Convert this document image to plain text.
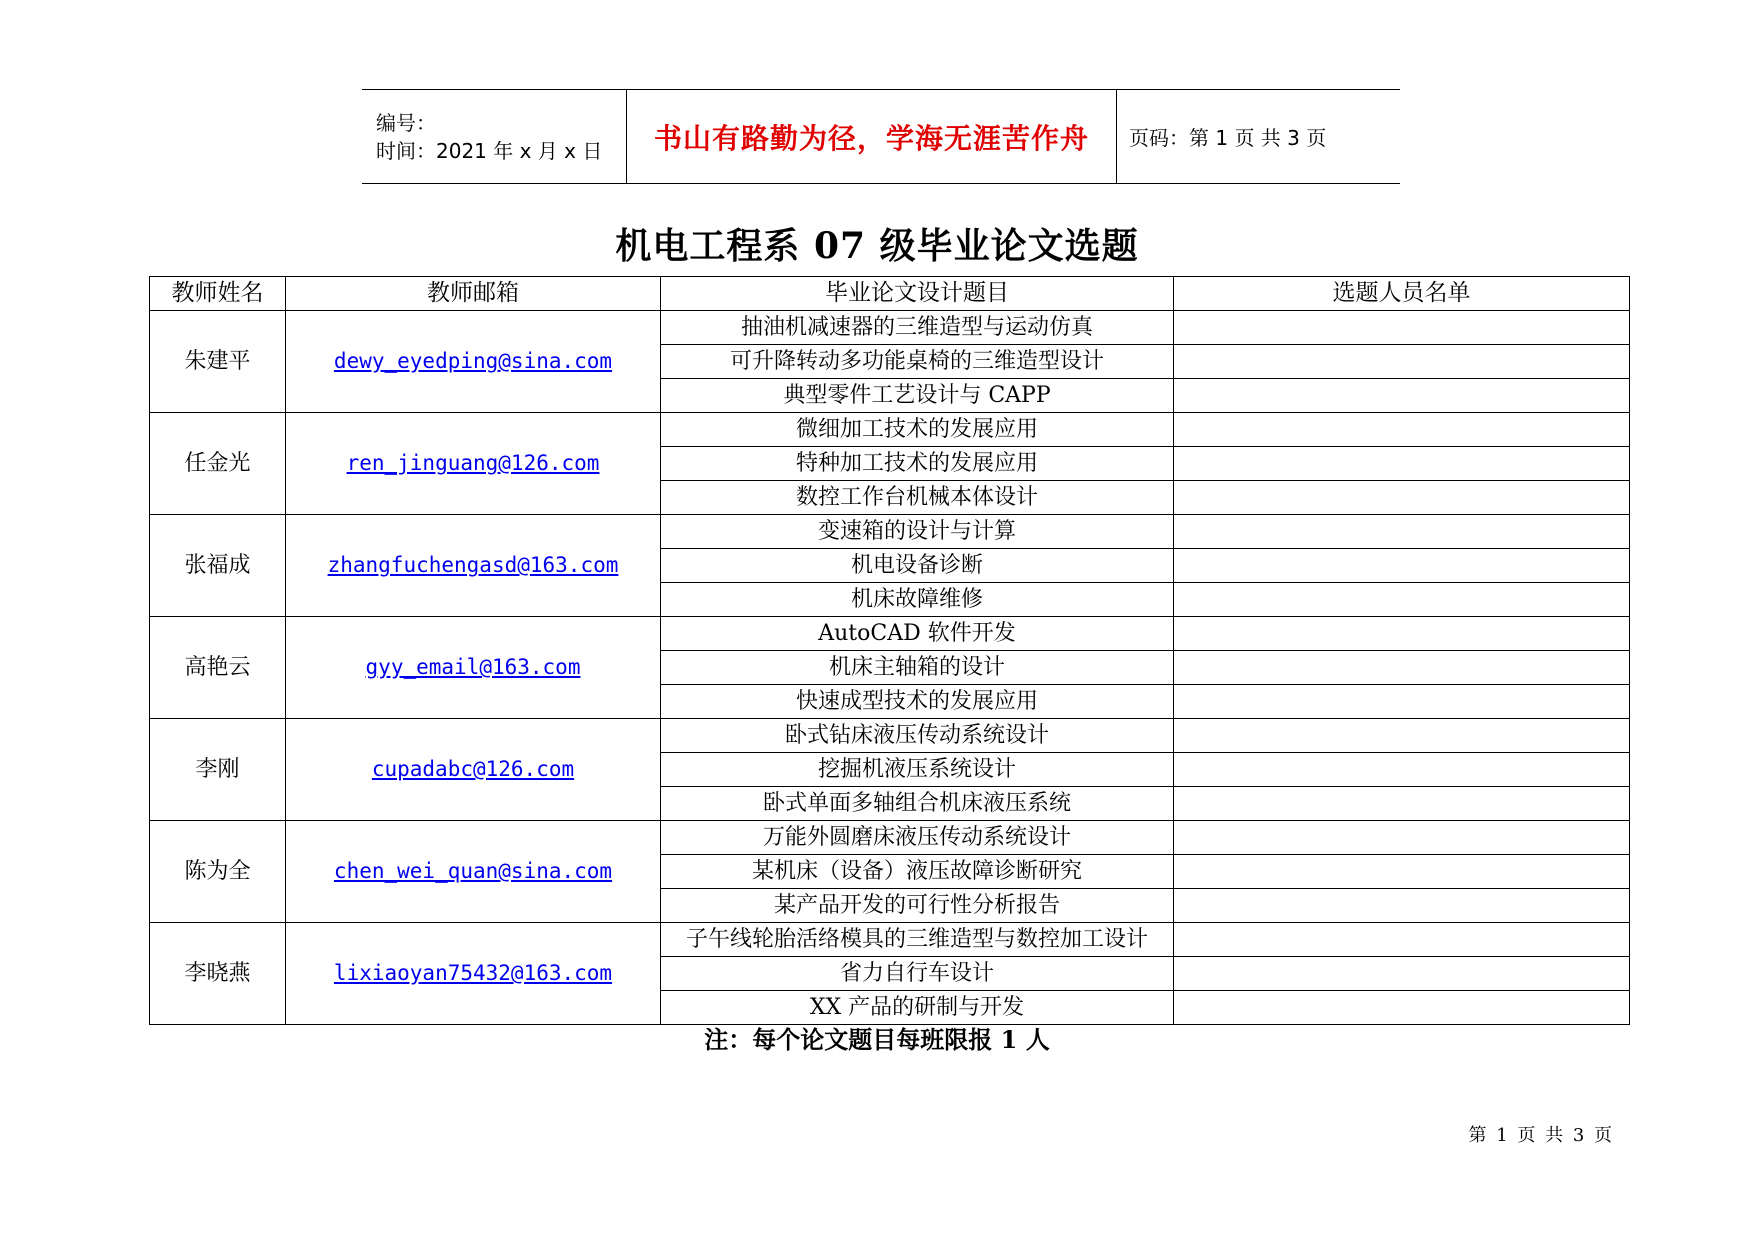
编号：
时间：2021 年 x 月 x 日 书山有路勤为径，学海无涯苦作舟 页码：第 1 页 共 3 页
机电工程系 07 级毕业论文选题
教师姓名	教师邮箱	毕业论文设计题目	选题人员名单
朱建平	dewy_eyedping@sina.com	抽油机减速器的三维造型与运动仿真	
		可升降转动多功能桌椅的三维造型设计	
		典型零件工艺设计与 CAPP	
任金光	ren_jinguang@126.com	微细加工技术的发展应用	
		特种加工技术的发展应用	
		数控工作台机械本体设计	
张福成	zhangfuchengasd@163.com	变速箱的设计与计算	
		机电设备诊断	
		机床故障维修	
高艳云	gyy_email@163.com	AutoCAD 软件开发	
		机床主轴箱的设计	
		快速成型技术的发展应用	
李刚	cupadabc@126.com	卧式钻床液压传动系统设计	
		挖掘机液压系统设计	
		卧式单面多轴组合机床液压系统	
陈为全	chen_wei_quan@sina.com	万能外圆磨床液压传动系统设计	
		某机床（设备）液压故障诊断研究	
		某产品开发的可行性分析报告	
李晓燕	lixiaoyan75432@163.com	子午线轮胎活络模具的三维造型与数控加工设计	
		省力自行车设计	
		XX 产品的研制与开发	
注：每个论文题目每班限报 1 人
第 1 页 共 3 页
